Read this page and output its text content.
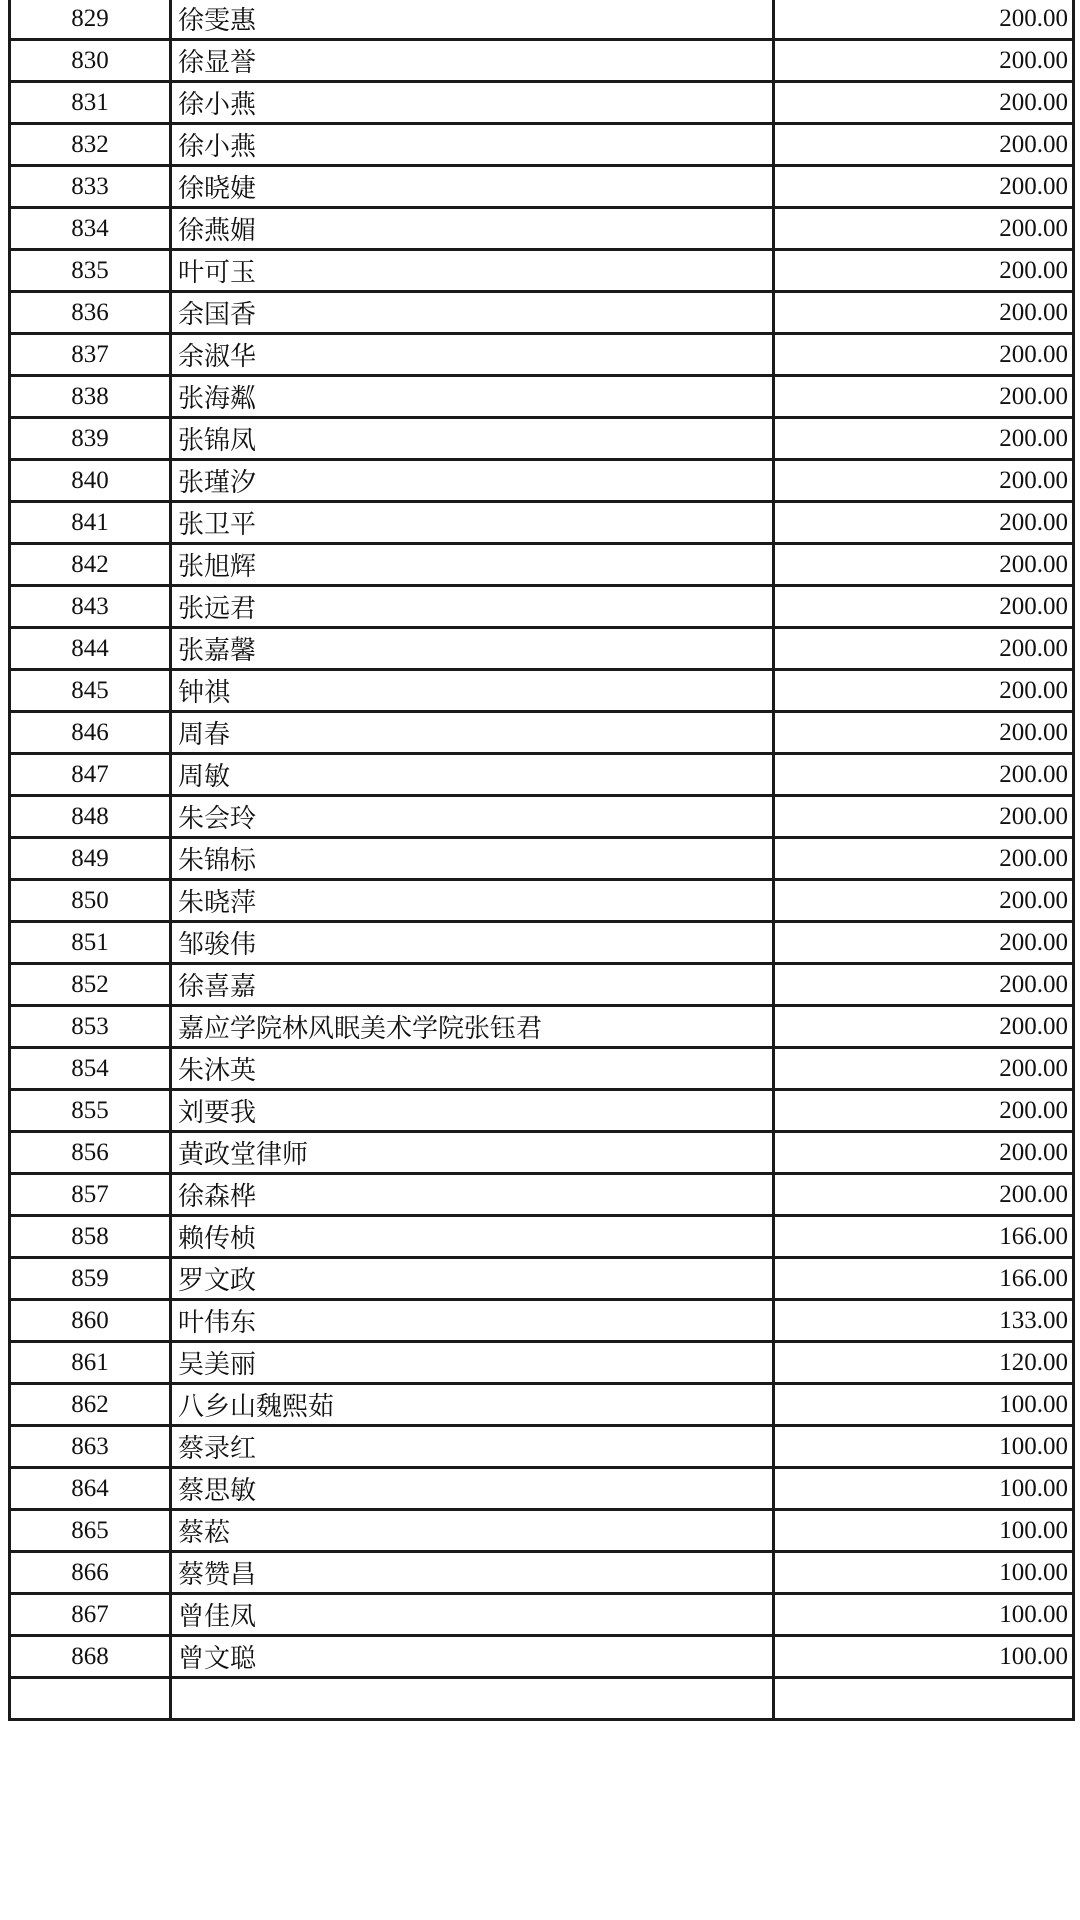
829	徐雯惠	200.00
830	徐显誉	200.00
831	徐小燕	200.00
832	徐小燕	200.00
833	徐晓婕	200.00
834	徐燕媚	200.00
835	叶可玉	200.00
836	余国香	200.00
837	余淑华	200.00
838	张海粼	200.00
839	张锦凤	200.00
840	张瑾汐	200.00
841	张卫平	200.00
842	张旭辉	200.00
843	张远君	200.00
844	张嘉馨	200.00
845	钟祺	200.00
846	周春	200.00
847	周敏	200.00
848	朱会玲	200.00
849	朱锦标	200.00
850	朱晓萍	200.00
851	邹骏伟	200.00
852	徐喜嘉	200.00
853	嘉应学院林风眠美术学院张钰君	200.00
854	朱沐英	200.00
855	刘要我	200.00
856	黄政堂律师	200.00
857	徐森桦	200.00
858	赖传桢	166.00
859	罗文政	166.00
860	叶伟东	133.00
861	吴美丽	120.00
862	八乡山魏熙茹	100.00
863	蔡录红	100.00
864	蔡思敏	100.00
865	蔡菘	100.00
866	蔡赞昌	100.00
867	曾佳凤	100.00
868	曾文聪	100.00
